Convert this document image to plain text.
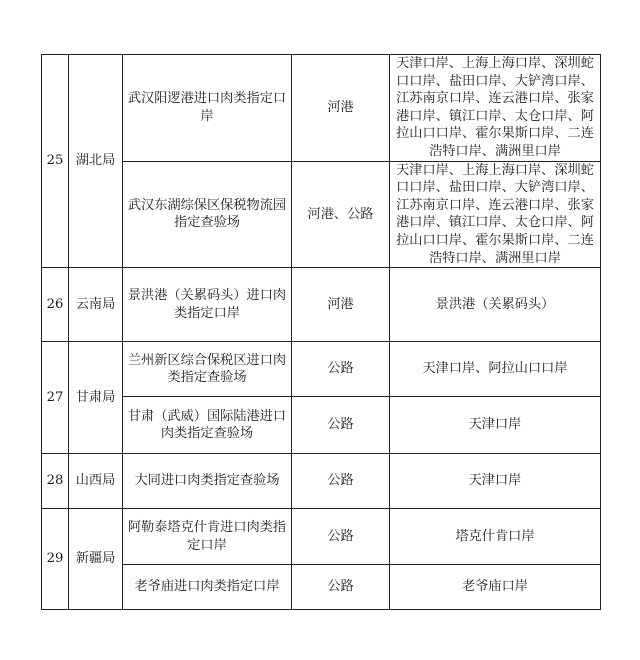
25	湖北局	武汉阳逻港进口肉类指定口岸	河港	天津口岸、上海上海口岸、深圳蛇口口岸、盐田口岸、大铲湾口岸、江苏南京口岸、连云港口岸、张家港口岸、镇江口岸、太仓口岸、阿拉山口口岸、霍尔果斯口岸、二连浩特口岸、满洲里口岸
		武汉东湖综保区保税物流园指定查验场	河港、公路	天津口岸、上海上海口岸、深圳蛇口口岸、盐田口岸、大铲湾口岸、江苏南京口岸、连云港口岸、张家港口岸、镇江口岸、太仓口岸、阿拉山口口岸、霍尔果斯口岸、二连浩特口岸、满洲里口岸
26	云南局	景洪港（关累码头）进口肉类指定口岸	河港	景洪港（关累码头）
27	甘肃局	兰州新区综合保税区进口肉类指定查验场	公路	天津口岸、阿拉山口口岸
		甘肃（武威）国际陆港进口肉类指定查验场	公路	天津口岸
28	山西局	大同进口肉类指定查验场	公路	天津口岸
29	新疆局	阿勒泰塔克什肯进口肉类指定口岸	公路	塔克什肯口岸
		老爷庙进口肉类指定口岸	公路	老爷庙口岸
